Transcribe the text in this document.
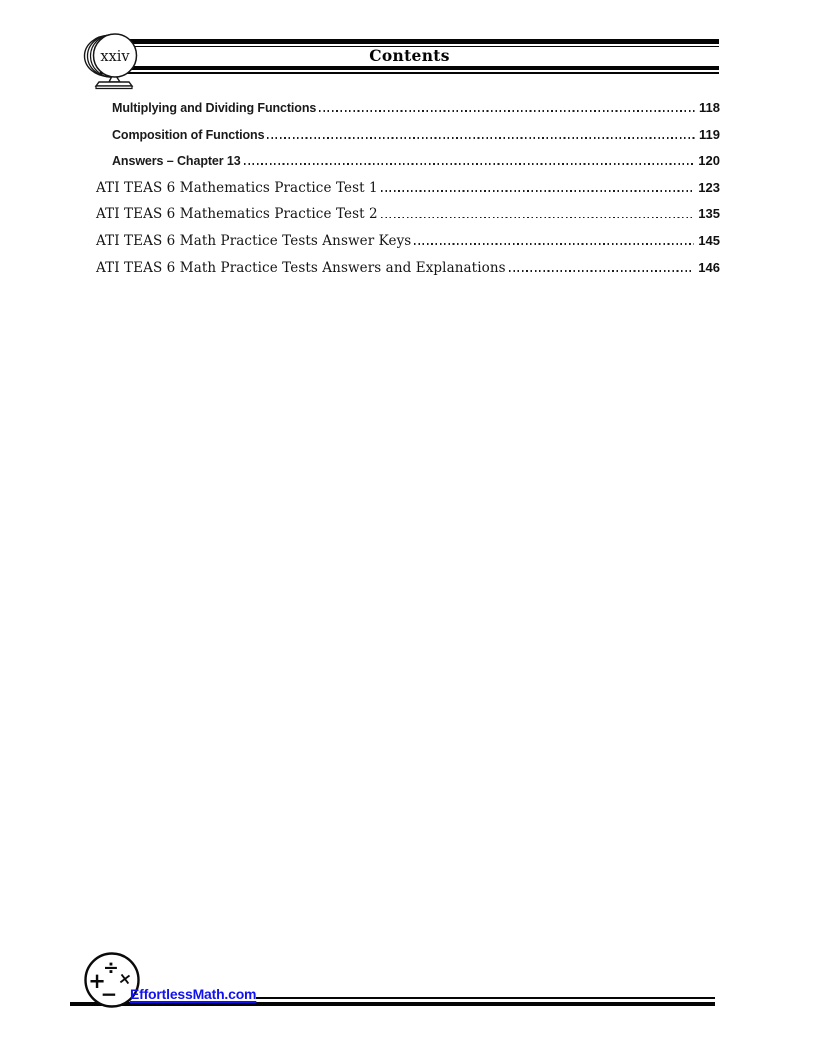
Contents
xxiv
Multiplying and Dividing Functions	118
Composition of Functions	119
Answers – Chapter 13	120
ATI TEAS 6 Mathematics Practice Test 1	123
ATI TEAS 6 Mathematics Practice Test 2	135
ATI TEAS 6 Math Practice Tests Answer Keys	145
ATI TEAS 6 Math Practice Tests Answers and Explanations	146
÷
×
+
− EffortlessMath.com
